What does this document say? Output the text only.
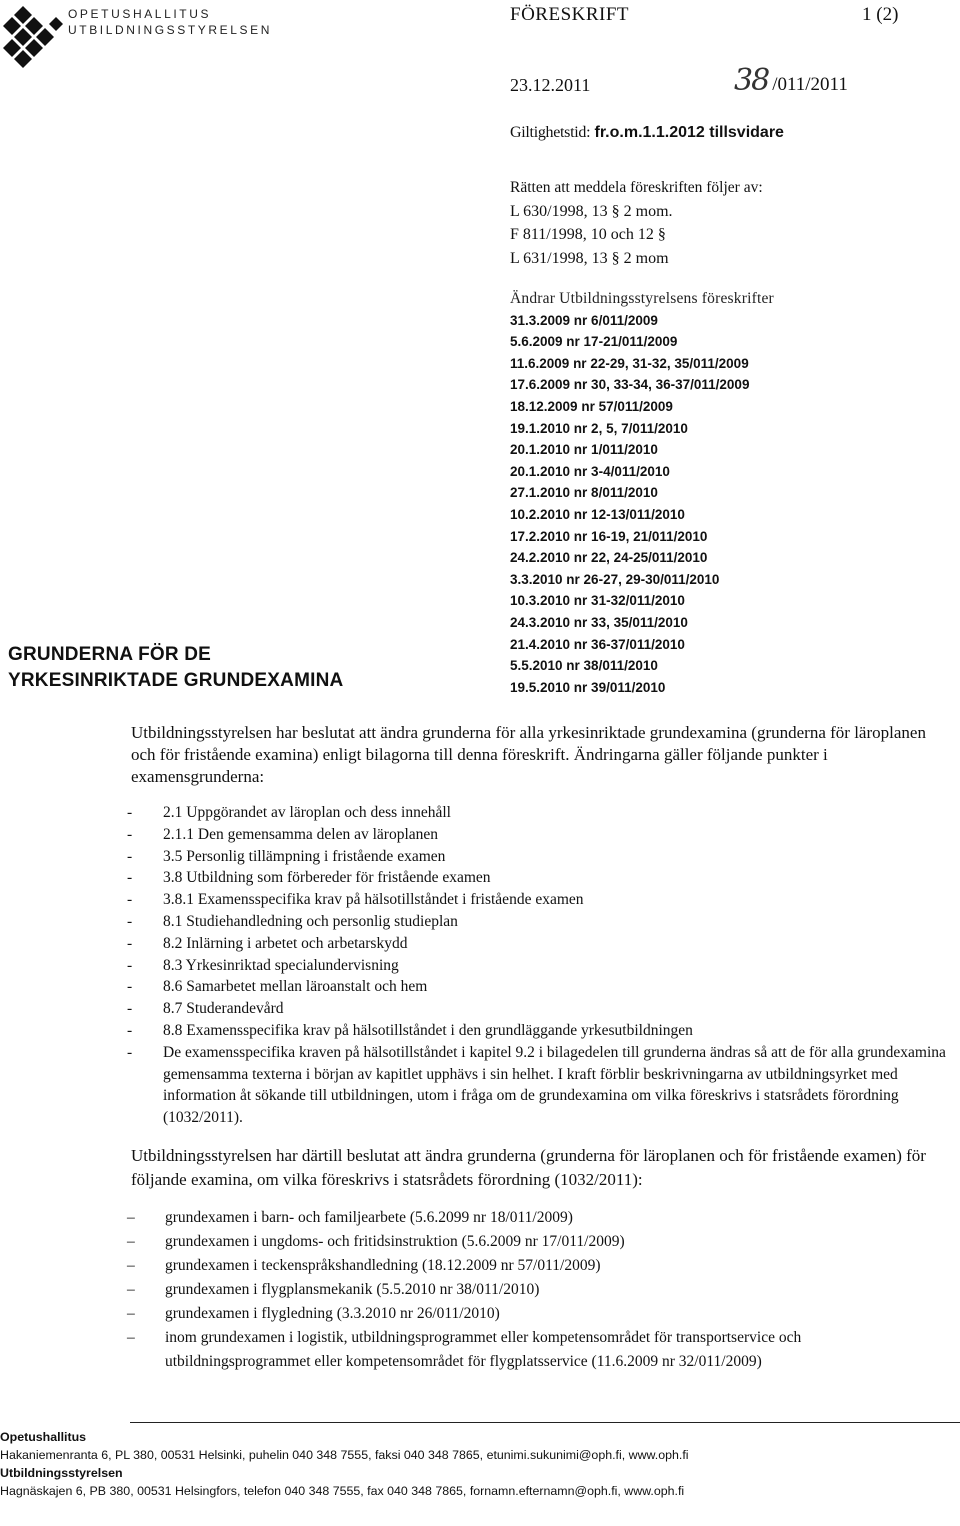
OPETUSHALLITUS
UTBILDNINGSSTYRELSEN
FÖRESKRIFT	1 (2)
23.12.2011	38 /011/2011
Giltighetstid: fr.o.m.1.1.2012 tillsvidare
Rätten att meddela föreskriften följer av:
L 630/1998, 13 § 2 mom.
F 811/1998, 10 och 12 §
L 631/1998, 13 § 2 mom
Ändrar Utbildningsstyrelsens föreskrifter
31.3.2009 nr 6/011/2009
5.6.2009 nr 17-21/011/2009
11.6.2009 nr 22-29, 31-32, 35/011/2009
17.6.2009 nr 30, 33-34, 36-37/011/2009
18.12.2009 nr 57/011/2009
19.1.2010 nr 2, 5, 7/011/2010
20.1.2010 nr 1/011/2010
20.1.2010 nr 3-4/011/2010
27.1.2010 nr 8/011/2010
10.2.2010 nr 12-13/011/2010
17.2.2010 nr 16-19, 21/011/2010
24.2.2010 nr 22, 24-25/011/2010
3.3.2010 nr 26-27, 29-30/011/2010
10.3.2010 nr 31-32/011/2010
24.3.2010 nr 33, 35/011/2010
21.4.2010 nr 36-37/011/2010
5.5.2010 nr 38/011/2010
19.5.2010 nr 39/011/2010
GRUNDERNA FÖR DE
YRKESINRIKTADE GRUNDEXAMINA
Utbildningsstyrelsen har beslutat att ändra grunderna för alla yrkesinriktade grundexamina (grunderna för läroplanen och för fristående examina) enligt bilagorna till denna föreskrift. Ändringarna gäller följande punkter i examensgrunderna:
- 2.1 Uppgörandet av läroplan och dess innehåll
- 2.1.1 Den gemensamma delen av läroplanen
- 3.5 Personlig tillämpning i fristående examen
- 3.8 Utbildning som förbereder för fristående examen
- 3.8.1 Examensspecifika krav på hälsotillståndet i fristående examen
- 8.1 Studiehandledning och personlig studieplan
- 8.2 Inlärning i arbetet och arbetarskydd
- 8.3 Yrkesinriktad specialundervisning
- 8.6 Samarbetet mellan läroanstalt och hem
- 8.7 Studerandevård
- 8.8 Examensspecifika krav på hälsotillståndet i den grundläggande yrkesutbildningen
- De examensspecifika kraven på hälsotillståndet i kapitel 9.2 i bilagedelen till grunderna ändras så att de för alla grundexamina gemensamma texterna i början av kapitlet upphävs i sin helhet. I kraft förblir beskrivningarna av utbildningsyrket med information åt sökande till utbildningen, utom i fråga om de grundexamina om vilka föreskrivs i statsrådets förordning (1032/2011).
Utbildningsstyrelsen har därtill beslutat att ändra grunderna (grunderna för läroplanen och för fristående examen) för följande examina, om vilka föreskrivs i statsrådets förordning (1032/2011):
– grundexamen i barn- och familjearbete (5.6.2099 nr 18/011/2009)
– grundexamen i ungdoms- och fritidsinstruktion (5.6.2009 nr 17/011/2009)
– grundexamen i teckenspråkshandledning (18.12.2009 nr 57/011/2009)
– grundexamen i flygplansmekanik (5.5.2010 nr 38/011/2010)
– grundexamen i flygledning (3.3.2010 nr 26/011/2010)
– inom grundexamen i logistik, utbildningsprogrammet eller kompetensområdet för transportservice och utbildningsprogrammet eller kompetensområdet för flygplatsservice (11.6.2009 nr 32/011/2009)
Opetushallitus
Hakaniemenranta 6, PL 380, 00531 Helsinki, puhelin 040 348 7555, faksi 040 348 7865, etunimi.sukunimi@oph.fi, www.oph.fi
Utbildningsstyrelsen
Hagnäskajen 6, PB 380, 00531 Helsingfors, telefon 040 348 7555, fax 040 348 7865, fornamn.efternamn@oph.fi, www.oph.fi
